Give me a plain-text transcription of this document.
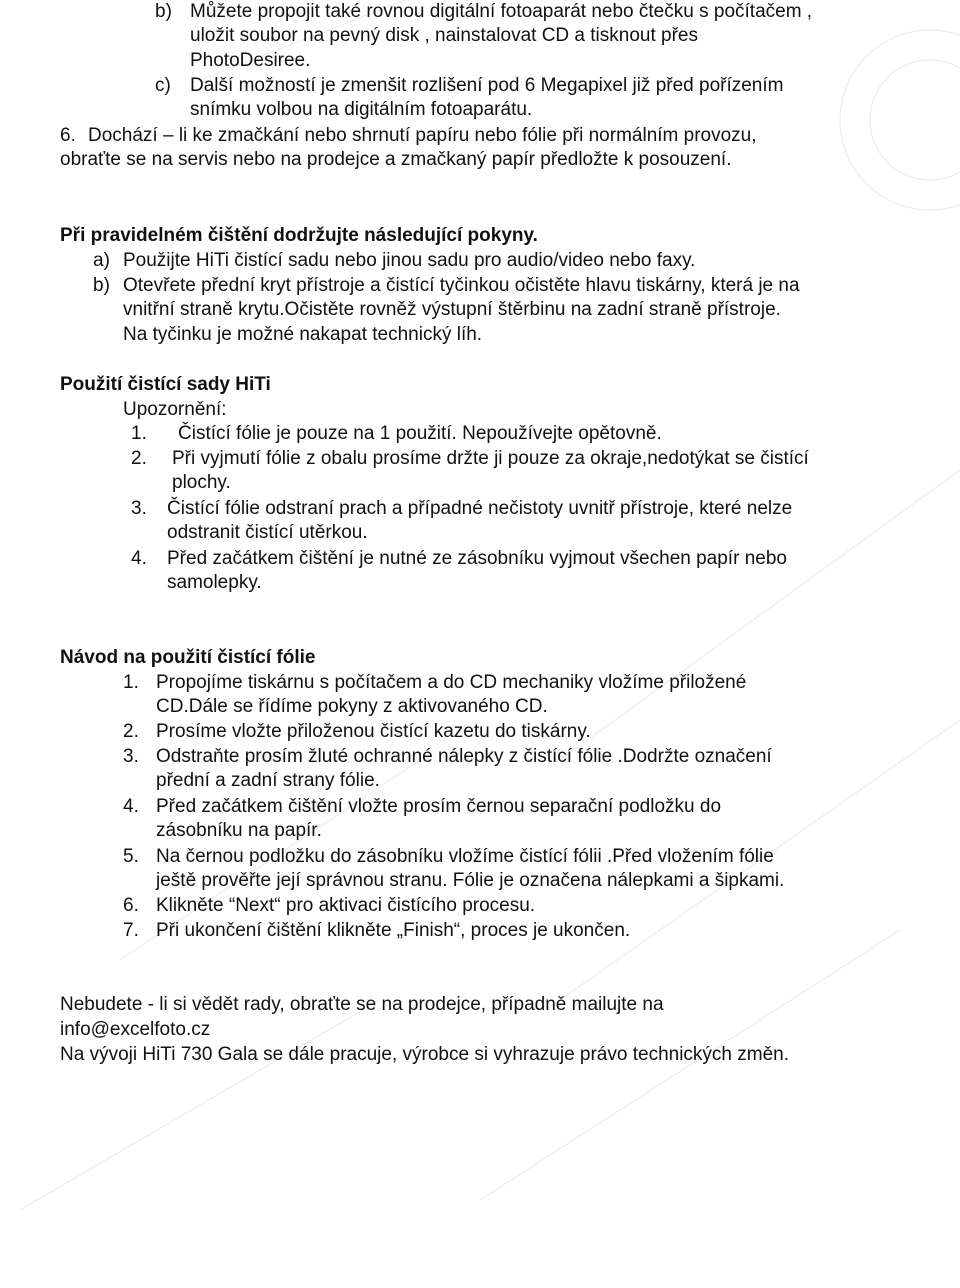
b) Můžete propojit také rovnou digitální fotoaparát nebo čtečku s počítačem ,
uložit soubor na pevný disk , nainstalovat CD a tisknout přes
PhotoDesiree.
c) Další možností je zmenšit rozlišení pod 6 Megapixel již před pořízením
snímku volbou na digitálním fotoaparátu.
6. Dochází – li ke zmačkání nebo shrnutí papíru nebo fólie při normálním provozu,
obraťte se na servis nebo na prodejce a zmačkaný papír předložte k posouzení.
Při pravidelném čištění dodržujte následující pokyny.
a) Použijte HiTi čistící sadu nebo jinou sadu pro audio/video nebo faxy.
b) Otevřete přední kryt přístroje a čistící tyčinkou očistěte hlavu tiskárny, která je na
vnitřní straně krytu.Očistěte rovněž výstupní štěrbinu na zadní straně přístroje.
Na tyčinku je možné nakapat technický líh.
Použití čistící sady HiTi
Upozornění:
1. Čistící fólie je pouze na 1 použití. Nepoužívejte opětovně.
2. Při vyjmutí fólie z obalu prosíme držte ji pouze za okraje,nedotýkat se čistící
plochy.
3. Čistící fólie odstraní prach a případné nečistoty uvnitř přístroje, které nelze
odstranit čistící utěrkou.
4. Před začátkem čištění je nutné ze zásobníku vyjmout všechen papír nebo
samolepky.
Návod na použití čistící fólie
1. Propojíme tiskárnu s počítačem a do CD mechaniky vložíme přiložené
CD.Dále se řídíme pokyny z aktivovaného CD.
2. Prosíme vložte přiloženou čistící kazetu do tiskárny.
3. Odstraňte prosím žluté ochranné nálepky z čistící fólie .Dodržte označení
přední a zadní strany fólie.
4. Před začátkem čištění vložte prosím černou separační podložku do
zásobníku na papír.
5. Na černou podložku do zásobníku vložíme čistící fólii .Před vložením fólie
ještě prověřte její správnou stranu. Fólie je označena nálepkami a šipkami.
6. Klikněte “Next“ pro aktivaci čistícího procesu.
7. Při ukončení čištění klikněte „Finish“, proces je ukončen.
Nebudete - li si vědět rady, obraťte se na prodejce, případně mailujte na
info@excelfoto.cz
Na vývoji HiTi 730 Gala se dále pracuje, výrobce si vyhrazuje právo technických změn.
